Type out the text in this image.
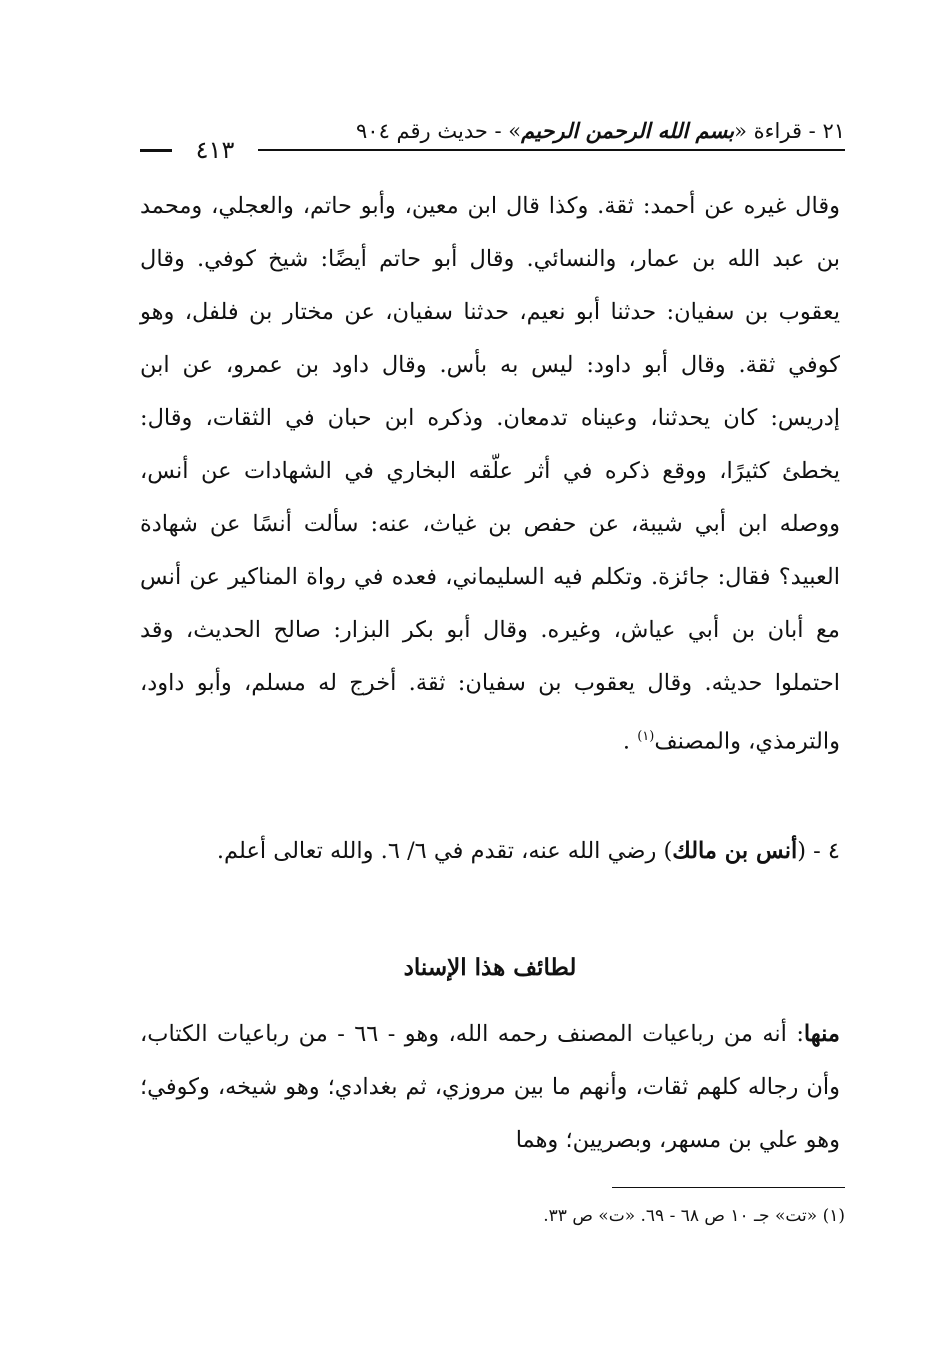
٢١ - قراءة «بسم الله الرحمن الرحيم» - حديث رقم ٩٠٤
٤١٣

وقال غيره عن أحمد: ثقة. وكذا قال ابن معين، وأبو حاتم، والعجلي، ومحمد بن عبد الله بن عمار، والنسائي. وقال أبو حاتم أيضًا: شيخ كوفي. وقال يعقوب بن سفيان: حدثنا أبو نعيم، حدثنا سفيان، عن مختار بن فلفل، وهو كوفي ثقة. وقال أبو داود: ليس به بأس. وقال داود بن عمرو، عن ابن إدريس: كان يحدثنا، وعيناه تدمعان. وذكره ابن حبان في الثقات، وقال: يخطئ كثيرًا، ووقع ذكره في أثر علّقه البخاري في الشهادات عن أنس، ووصله ابن أبي شيبة، عن حفص بن غياث، عنه: سألت أنسًا عن شهادة العبيد؟ فقال: جائزة. وتكلم فيه السليماني، فعده في رواة المناكير عن أنس مع أبان بن أبي عياش، وغيره. وقال أبو بكر البزار: صالح الحديث، وقد احتملوا حديثه. وقال يعقوب بن سفيان: ثقة. أخرج له مسلم، وأبو داود، والترمذي، والمصنف$^{(١)}$ .

٤ - (أنس بن مالك) رضي الله عنه، تقدم في ٦/ ٦. والله تعالى أعلم.
لطائف هذا الإسناد
منها: أنه من رباعيات المصنف رحمه الله، وهو - ٦٦ - من رباعيات الكتاب، وأن رجاله كلهم ثقات، وأنهم ما بين مروزي، ثم بغدادي؛ وهو شيخه، وكوفي؛ وهو علي بن مسهر، وبصريين؛ وهما
(١) «تت» جـ ١٠ ص ٦٨ - ٦٩. «ت» ص ٣٣.
